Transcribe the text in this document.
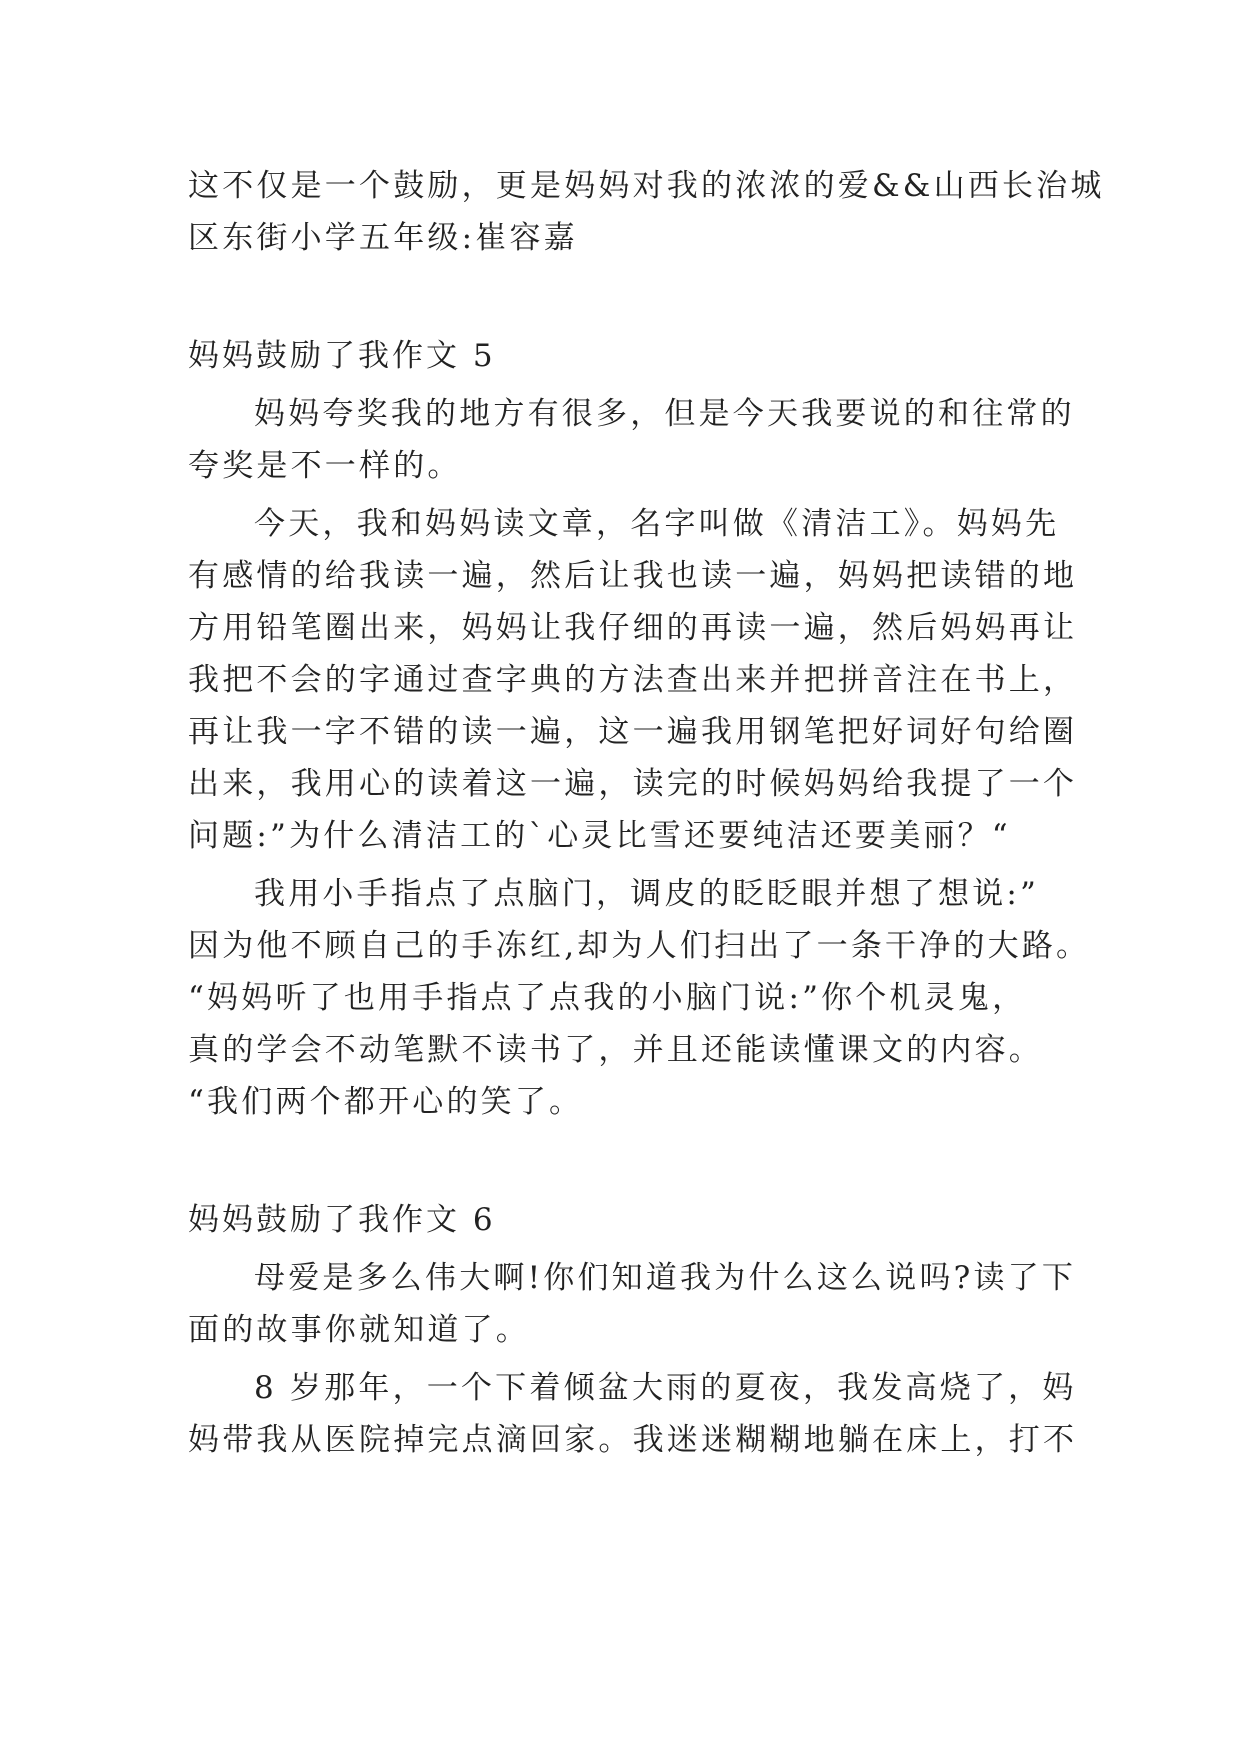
这不仅是一个鼓励，更是妈妈对我的浓浓的爱&&山西长治城
区东街小学五年级:崔容嘉
妈妈鼓励了我作文 5
妈妈夸奖我的地方有很多，但是今天我要说的和往常的
夸奖是不一样的。
今天，我和妈妈读文章，名字叫做《清洁工》。妈妈先
有感情的给我读一遍，然后让我也读一遍，妈妈把读错的地
方用铅笔圈出来，妈妈让我仔细的再读一遍，然后妈妈再让
我把不会的字通过查字典的方法查出来并把拼音注在书上，
再让我一字不错的读一遍，这一遍我用钢笔把好词好句给圈
出来，我用心的读着这一遍，读完的时候妈妈给我提了一个
问题:”为什么清洁工的`心灵比雪还要纯洁还要美丽？“
我用小手指点了点脑门，调皮的眨眨眼并想了想说:”
因为他不顾自己的手冻红,却为人们扫出了一条干净的大路。
“妈妈听了也用手指点了点我的小脑门说:”你个机灵鬼，
真的学会不动笔默不读书了，并且还能读懂课文的内容。
“我们两个都开心的笑了。
妈妈鼓励了我作文 6
母爱是多么伟大啊!你们知道我为什么这么说吗?读了下
面的故事你就知道了。
8 岁那年，一个下着倾盆大雨的夏夜，我发高烧了，妈
妈带我从医院掉完点滴回家。我迷迷糊糊地躺在床上，打不
